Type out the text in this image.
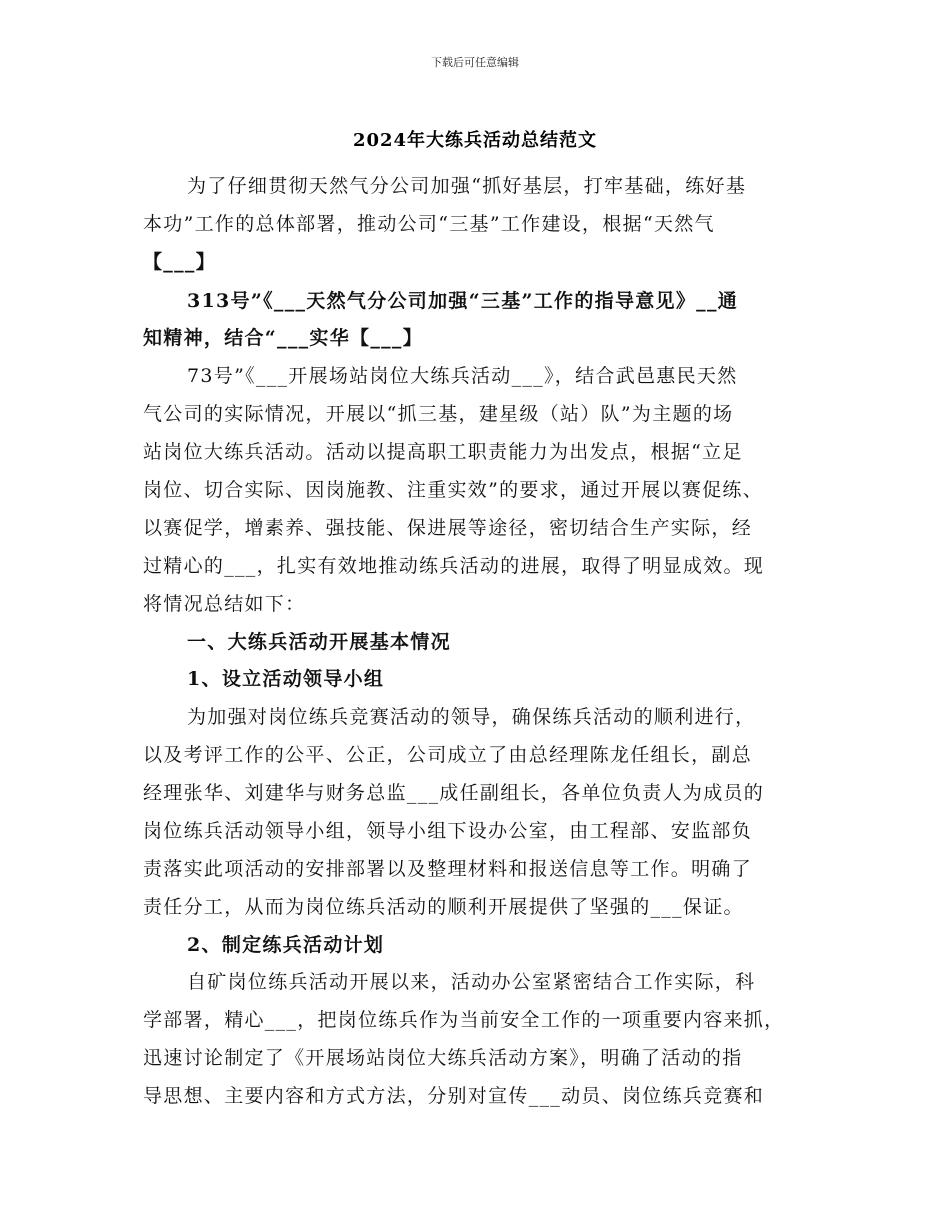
下载后可任意编辑
2024年大练兵活动总结范文
为了仔细贯彻天然气分公司加强“抓好基层，打牢基础，练好基
本功”工作的总体部署，推动公司“三基”工作建设，根据“天然气
【___】
313号”《___天然气分公司加强“三基”工作的指导意见》__通
知精神，结合“___实华【___】
73号”《___开展场站岗位大练兵活动___》，结合武邑惠民天然
气公司的实际情况，开展以“抓三基，建星级（站）队”为主题的场
站岗位大练兵活动。活动以提高职工职责能力为出发点，根据“立足
岗位、切合实际、因岗施教、注重实效”的要求，通过开展以赛促练、
以赛促学，增素养、强技能、保进展等途径，密切结合生产实际，经
过精心的___，扎实有效地推动练兵活动的进展，取得了明显成效。现
将情况总结如下：
一、大练兵活动开展基本情况
1、设立活动领导小组
为加强对岗位练兵竞赛活动的领导，确保练兵活动的顺利进行，
以及考评工作的公平、公正，公司成立了由总经理陈龙任组长，副总
经理张华、刘建华与财务总监___成任副组长，各单位负责人为成员的
岗位练兵活动领导小组，领导小组下设办公室，由工程部、安监部负
责落实此项活动的安排部署以及整理材料和报送信息等工作。明确了
责任分工，从而为岗位练兵活动的顺利开展提供了坚强的___保证。
2、制定练兵活动计划
自矿岗位练兵活动开展以来，活动办公室紧密结合工作实际，科
学部署，精心___，把岗位练兵作为当前安全工作的一项重要内容来抓，
迅速讨论制定了《开展场站岗位大练兵活动方案》，明确了活动的指
导思想、主要内容和方式方法，分别对宣传___动员、岗位练兵竞赛和
